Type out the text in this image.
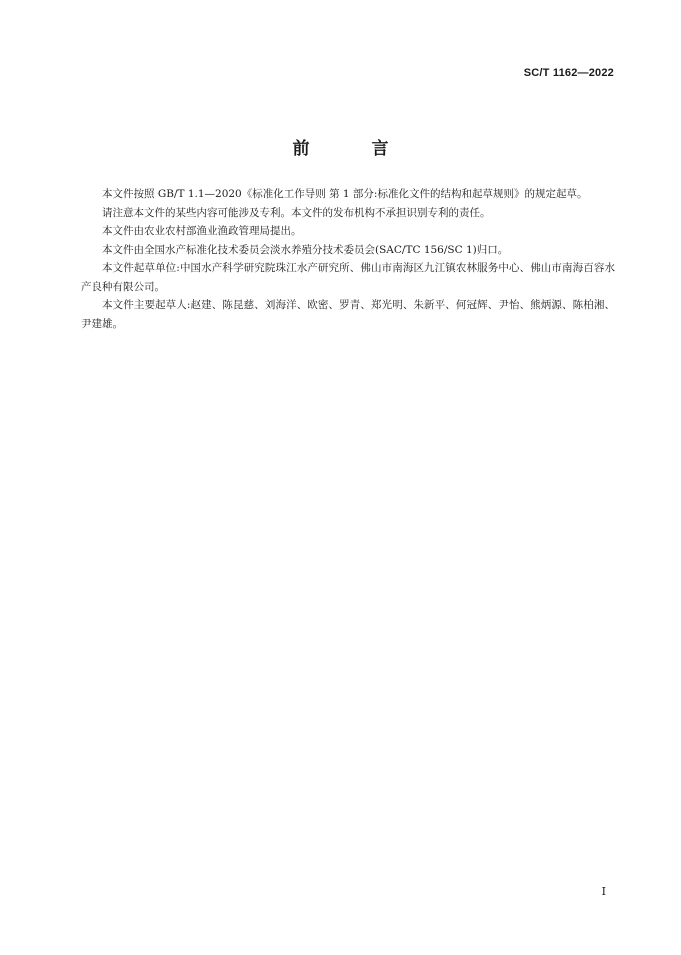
SC/T 1162—2022
前 言

本文件按照 GB/T 1.1—2020《标准化工作导则 第 1 部分:标准化文件的结构和起草规则》的规定起草。

请注意本文件的某些内容可能涉及专利。本文件的发布机构不承担识别专利的责任。

本文件由农业农村部渔业渔政管理局提出。

本文件由全国水产标准化技术委员会淡水养殖分技术委员会(SAC/TC 156/SC 1)归口。

本文件起草单位:中国水产科学研究院珠江水产研究所、佛山市南海区九江镇农林服务中心、佛山市南海百容水产良种有限公司。

本文件主要起草人:赵建、陈昆慈、刘海洋、欧密、罗青、郑光明、朱新平、何冠辉、尹怡、熊炳源、陈柏湘、尹建雄。

I
